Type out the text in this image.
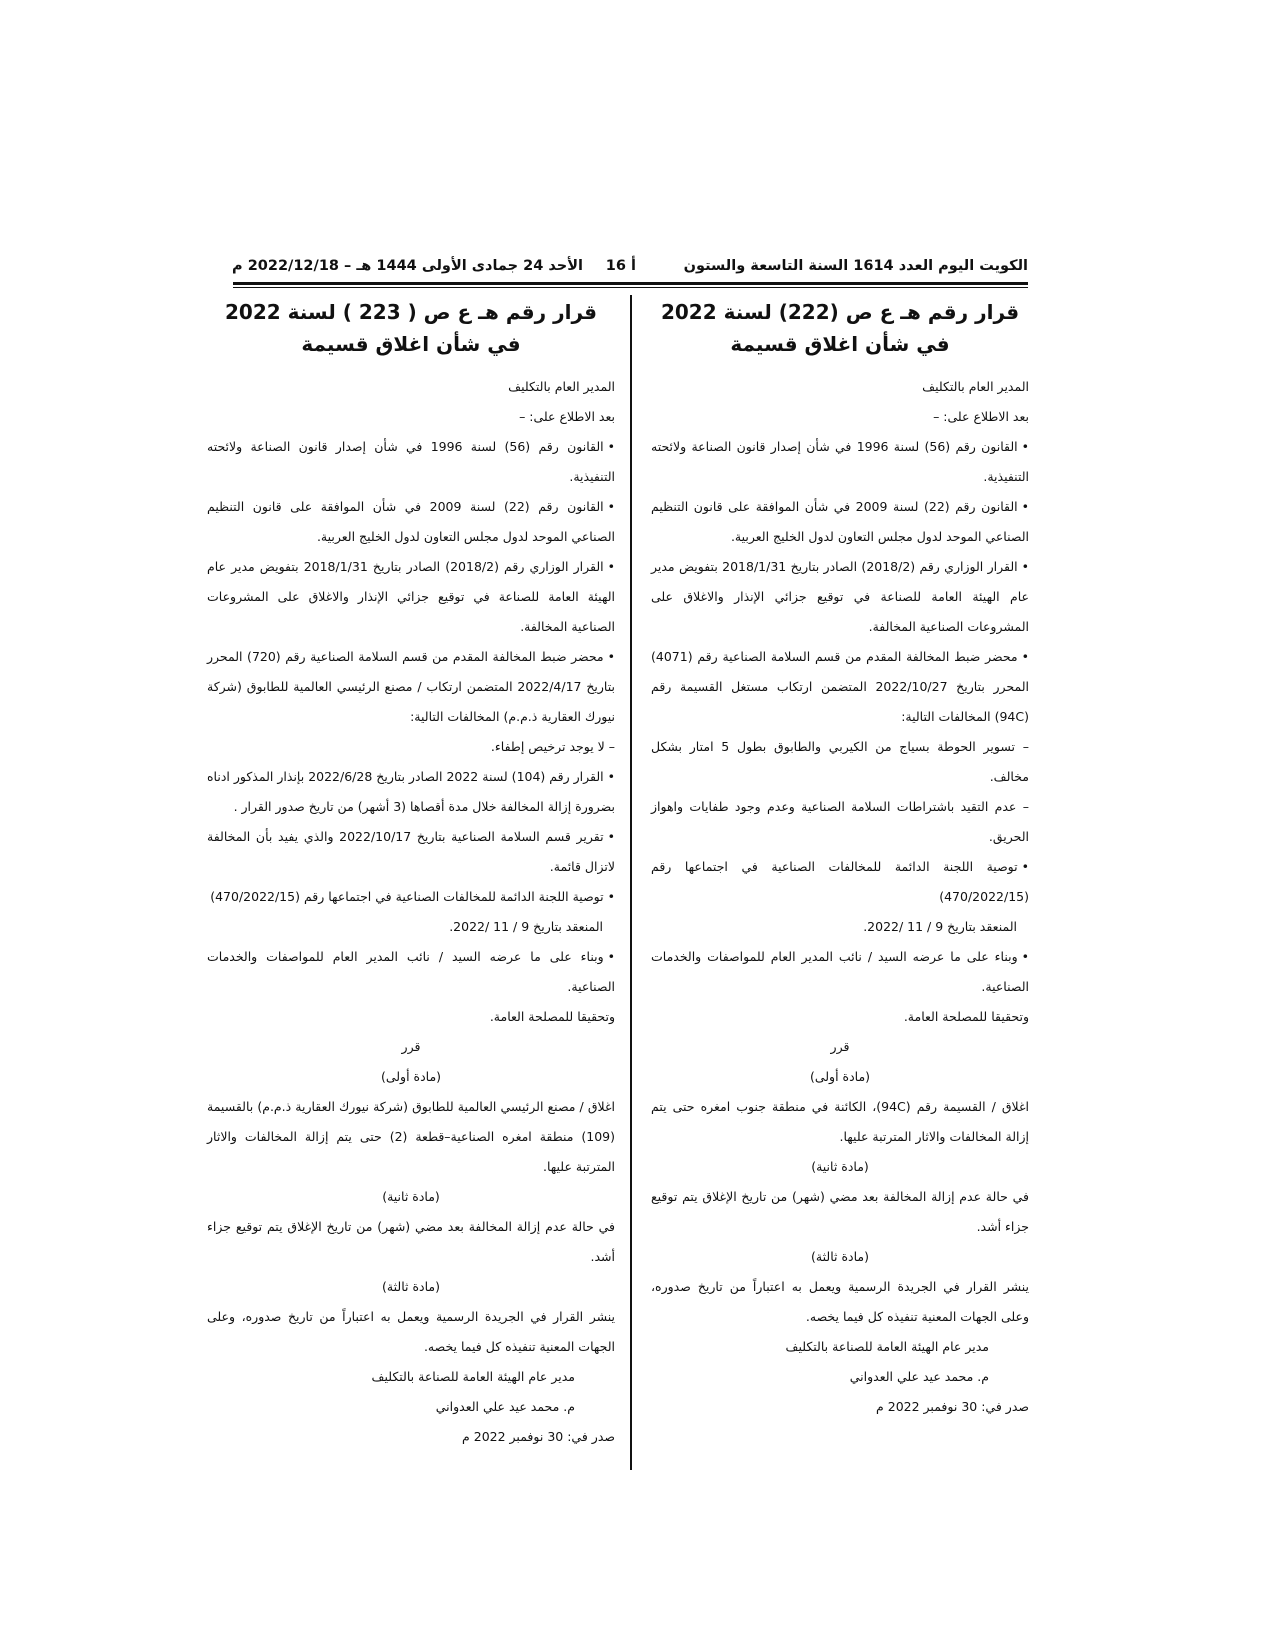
الكويت اليوم العدد 1614 السنة التاسعة والستون
أ 16
الأحد 24 جمادى الأولى 1444 هـ – 2022/12/18 م

قرار رقم هـ ع ص (222) لسنة 2022
في شأن اغلاق قسيمة

المدير العام بالتكليف

بعد الاطلاع على: –

•القانون رقم (56) لسنة 1996 في شأن إصدار قانون الصناعة ولائحته التنفيذية.

•القانون رقم (22) لسنة 2009 في شأن الموافقة على قانون التنظيم الصناعي الموحد لدول مجلس التعاون لدول الخليج العربية.

•القرار الوزاري رقم (2018/2) الصادر بتاريخ 2018/1/31 بتفويض مدير عام الهيئة العامة للصناعة في توقيع جزائي الإنذار والاغلاق على المشروعات الصناعية المخالفة.

•محضر ضبط المخالفة المقدم من قسم السلامة الصناعية رقم (4071) المحرر بتاريخ 2022/10/27 المتضمن ارتكاب مستغل القسيمة رقم (94C) المخالفات التالية:

– تسوير الحوطة بسياج من الكيربي والطابوق بطول 5 امتار بشكل مخالف.

– عدم التقيد باشتراطات السلامة الصناعية وعدم وجود طفايات واهواز الحريق.

•توصية اللجنة الدائمة للمخالفات الصناعية في اجتماعها رقم (470/2022/15)

المنعقد بتاريخ 9 / 11 /2022.

•وبناء على ما عرضه السيد / نائب المدير العام للمواصفات والخدمات الصناعية.

وتحقيقا للمصلحة العامة.

قرر

(مادة أولى)

اغلاق / القسيمة رقم (94C)، الكائنة في منطقة جنوب امغره حتى يتم إزالة المخالفات والاثار المترتبة عليها.

(مادة ثانية)

في حالة عدم إزالة المخالفة بعد مضي (شهر) من تاريخ الإغلاق يتم توقيع جزاء أشد.

(مادة ثالثة)

ينشر القرار في الجريدة الرسمية ويعمل به اعتباراً من تاريخ صدوره، وعلى الجهات المعنية تنفيذه كل فيما يخصه.

مدير عام الهيئة العامة للصناعة بالتكليف

م. محمد عيد علي العدواني

صدر في: 30 نوفمبر 2022 م

قرار رقم هـ ع ص ( 223 ) لسنة 2022
في شأن اغلاق قسيمة

المدير العام بالتكليف

بعد الاطلاع على: –

•القانون رقم (56) لسنة 1996 في شأن إصدار قانون الصناعة ولائحته التنفيذية.

•القانون رقم (22) لسنة 2009 في شأن الموافقة على قانون التنظيم الصناعي الموحد لدول مجلس التعاون لدول الخليج العربية.

•القرار الوزاري رقم (2018/2) الصادر بتاريخ 2018/1/31 بتفويض مدير عام الهيئة العامة للصناعة في توقيع جزائي الإنذار والاغلاق على المشروعات الصناعية المخالفة.

•محضر ضبط المخالفة المقدم من قسم السلامة الصناعية رقم (720) المحرر بتاريخ 2022/4/17 المتضمن ارتكاب / مصنع الرئيسي العالمية للطابوق (شركة نيورك العقارية ذ.م.م) المخالفات التالية:

– لا يوجد ترخيص إطفاء.

•القرار رقم (104) لسنة 2022 الصادر بتاريخ 2022/6/28 بإنذار المذكور ادناه بضرورة إزالة المخالفة خلال مدة أقصاها (3 أشهر) من تاريخ صدور القرار .

•تقرير قسم السلامة الصناعية بتاريخ 2022/10/17 والذي يفيد بأن المخالفة لاتزال قائمة.

•توصية اللجنة الدائمة للمخالفات الصناعية في اجتماعها رقم (470/2022/15)

المنعقد بتاريخ 9 / 11 /2022.

•وبناء على ما عرضه السيد / نائب المدير العام للمواصفات والخدمات الصناعية.

وتحقيقا للمصلحة العامة.

قرر

(مادة أولى)

اغلاق / مصنع الرئيسي العالمية للطابوق (شركة نيورك العقارية ذ.م.م) بالقسيمة (109) منطقة امغره الصناعية–قطعة (2) حتى يتم إزالة المخالفات والاثار المترتبة عليها.

(مادة ثانية)

في حالة عدم إزالة المخالفة بعد مضي (شهر) من تاريخ الإغلاق يتم توقيع جزاء أشد.

(مادة ثالثة)

ينشر القرار في الجريدة الرسمية ويعمل به اعتباراً من تاريخ صدوره، وعلى الجهات المعنية تنفيذه كل فيما يخصه.

مدير عام الهيئة العامة للصناعة بالتكليف

م. محمد عيد علي العدواني

صدر في: 30 نوفمبر 2022 م
